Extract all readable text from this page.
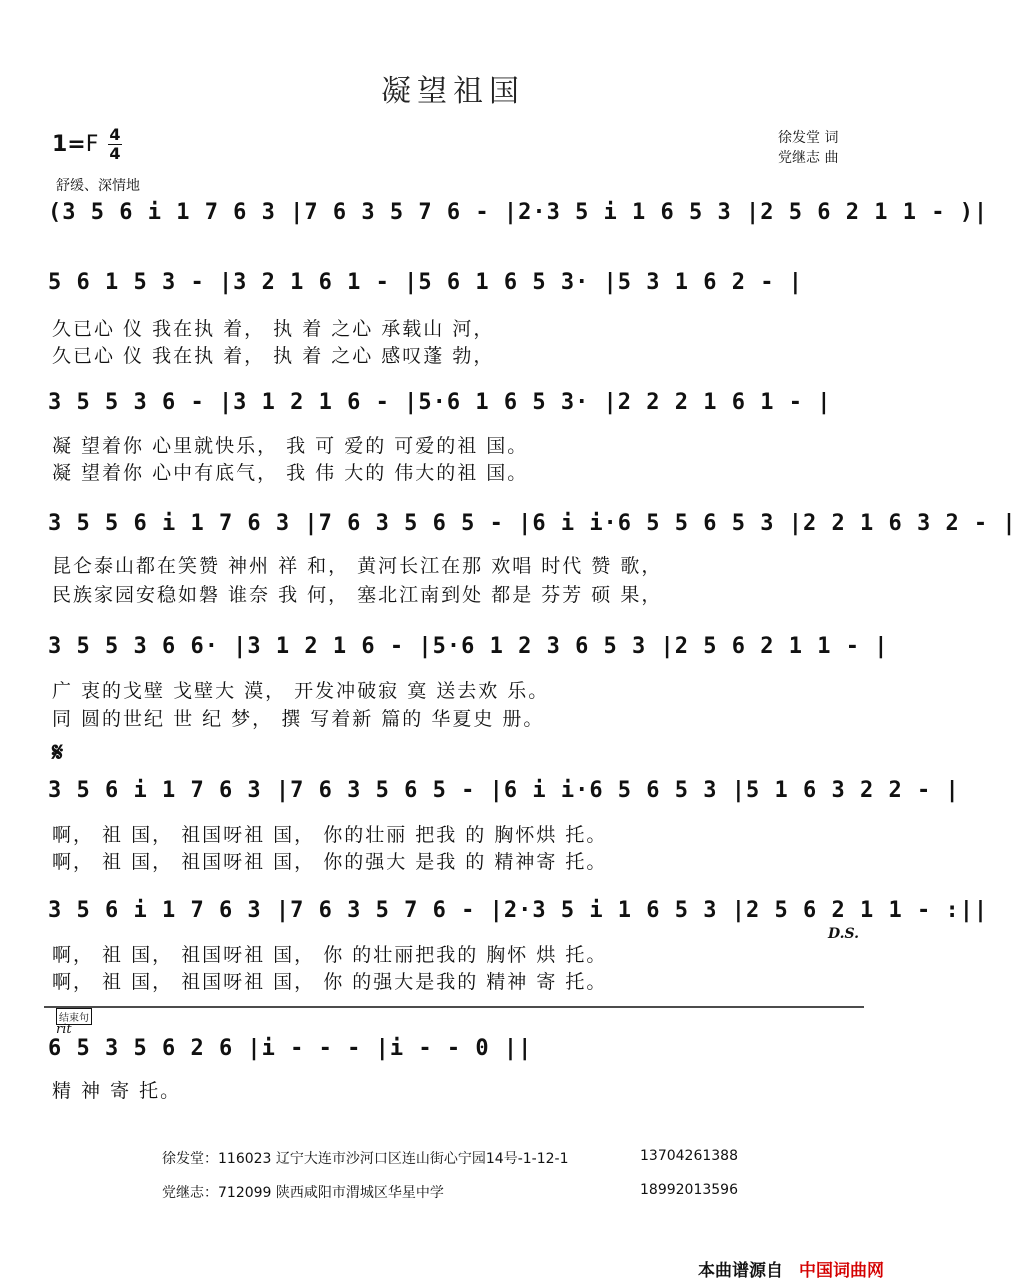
凝望祖国
1=F 4
4
徐发堂 词
党继志 曲
舒缓、深情地
(3 5 6 i 1 7 6 3 |7 6 3 5 7 6 - |2·3 5 i 1 6 5 3 |2 5 6 2 1 1 - )|
5 6 1 5 3 - |3 2 1 6 1 - |5 6 1 6 5 3· |5 3 1 6 2 - |
久已心 仪 我在执 着， 执 着 之心 承载山 河，
久已心 仪 我在执 着， 执 着 之心 感叹蓬 勃，
3 5 5 3 6 - |3 1 2 1 6 - |5·6 1 6 5 3· |2 2 2 1 6 1 - |
凝 望着你 心里就快乐， 我 可 爱的 可爱的祖 国。
凝 望着你 心中有底气， 我 伟 大的 伟大的祖 国。
3 5 5 6 i 1 7 6 3 |7 6 3 5 6 5 - |6 i i·6 5 5 6 5 3 |2 2 1 6 3 2 - |
昆仑泰山都在笑赞 神州 祥 和， 黄河长江在那 欢唱 时代 赞 歌，
民族家园安稳如磐 谁奈 我 何， 塞北江南到处 都是 芬芳 硕 果，
3 5 5 3 6 6· |3 1 2 1 6 - |5·6 1 2 3 6 5 3 |2 5 6 2 1 1 - |
广 衷的戈壁 戈壁大 漠， 开发冲破寂 寞 送去欢 乐。
同 圆的世纪 世 纪 梦， 撰 写着新 篇的 华夏史 册。
𝄋
3 5 6 i 1 7 6 3 |7 6 3 5 6 5 - |6 i i·6 5 6 5 3 |5 1 6 3 2 2 - |
啊， 祖 国， 祖国呀祖 国， 你的壮丽 把我 的 胸怀烘 托。
啊， 祖 国， 祖国呀祖 国， 你的强大 是我 的 精神寄 托。
3 5 6 i 1 7 6 3 |7 6 3 5 7 6 - |2·3 5 i 1 6 5 3 |2 5 6 2 1 1 - :||
D.S.
啊， 祖 国， 祖国呀祖 国， 你 的壮丽把我的 胸怀 烘 托。
啊， 祖 国， 祖国呀祖 国， 你 的强大是我的 精神 寄 托。
结束句
rit
6 5 3 5 6 2 6 |i - - - |i - - 0 ||
精 神 寄 托。
徐发堂：116023 辽宁大连市沙河口区连山街心宁园14号-1-12-1	13704261388
党继志：712099 陕西咸阳市渭城区华星中学	18992013596
本曲谱源自 中国词曲网
